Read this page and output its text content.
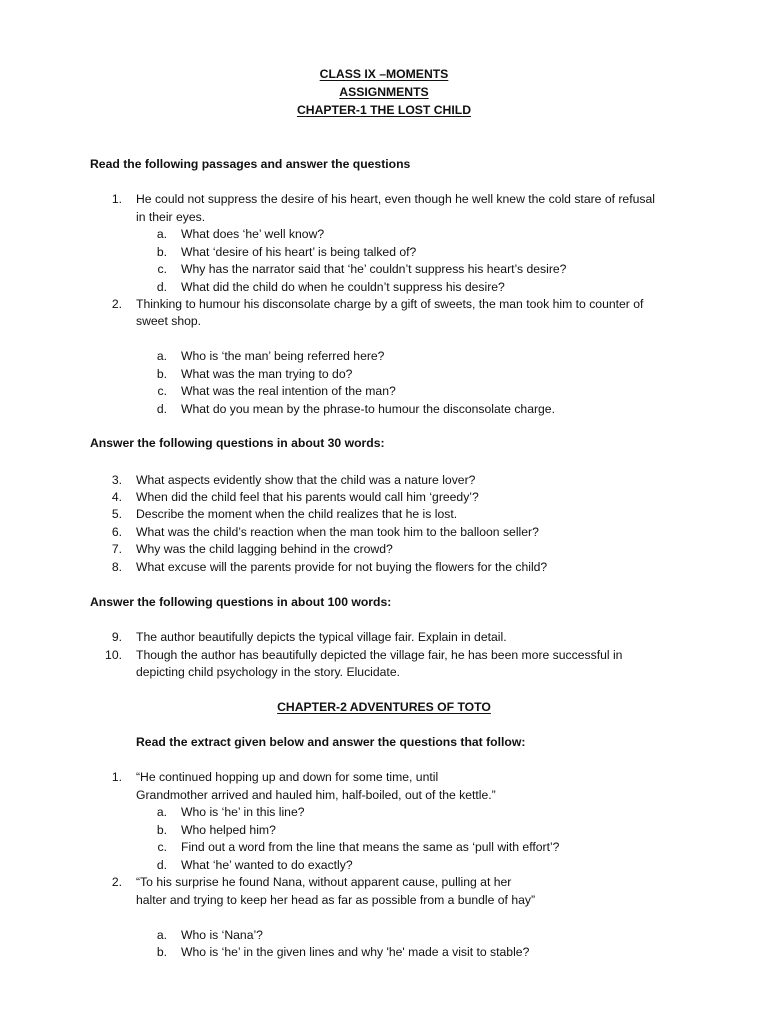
CLASS IX –MOMENTS
ASSIGNMENTS
CHAPTER-1 THE LOST CHILD
Read the following passages and answer the questions
1. He could not suppress the desire of his heart, even though he well knew the cold stare of refusal
in their eyes.
a. What does ‘he’ well know?
b. What ‘desire of his heart’ is being talked of?
c. Why has the narrator said that ‘he’ couldn’t suppress his heart’s desire?
d. What did the child do when he couldn’t suppress his desire?
2. Thinking to humour his disconsolate charge by a gift of sweets, the man took him to counter of
sweet shop.
a. Who is ‘the man’ being referred here?
b. What was the man trying to do?
c. What was the real intention of the man?
d. What do you mean by the phrase-to humour the disconsolate charge.
Answer the following questions in about 30 words:
3. What aspects evidently show that the child was a nature lover?
4. When did the child feel that his parents would call him ‘greedy’?
5. Describe the moment when the child realizes that he is lost.
6. What was the child’s reaction when the man took him to the balloon seller?
7. Why was the child lagging behind in the crowd?
8. What excuse will the parents provide for not buying the flowers for the child?
Answer the following questions in about 100 words:
9. The author beautifully depicts the typical village fair. Explain in detail.
10. Though the author has beautifully depicted the village fair, he has been more successful in
depicting child psychology in the story. Elucidate.
CHAPTER-2 ADVENTURES OF TOTO
Read the extract given below and answer the questions that follow:
1. “He continued hopping up and down for some time, until
Grandmother arrived and hauled him, half-boiled, out of the kettle.”
a. Who is ‘he’ in this line?
b. Who helped him?
c. Find out a word from the line that means the same as ‘pull with effort’?
d. What ‘he’ wanted to do exactly?
2. “To his surprise he found Nana, without apparent cause, pulling at her
halter and trying to keep her head as far as possible from a bundle of hay”
a. Who is ‘Nana’?
b. Who is ‘he’ in the given lines and why 'he' made a visit to stable?
